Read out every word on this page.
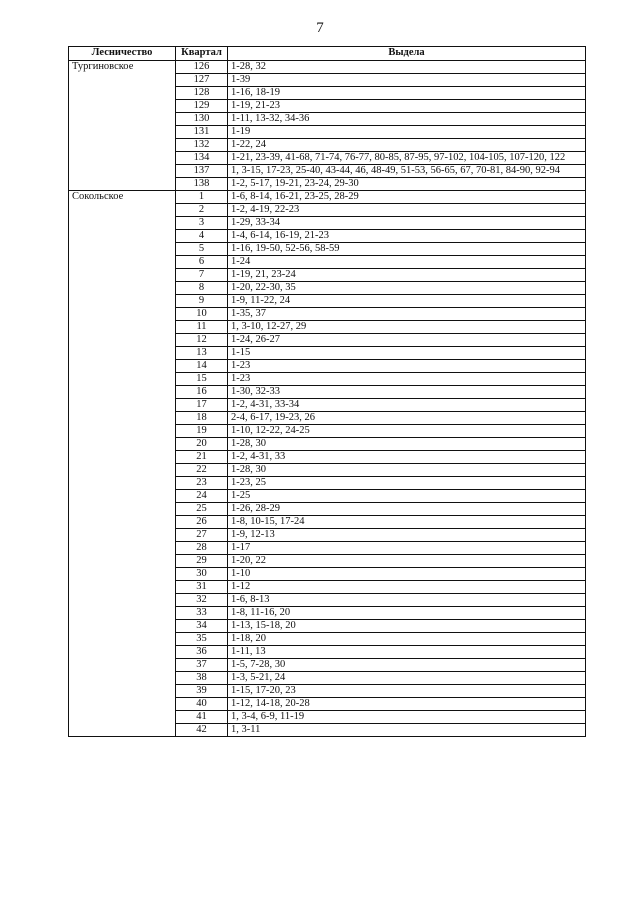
7
Лесничество	Квартал	Выдела
Тургиновское	126	1-28, 32
	127	1-39
	128	1-16, 18-19
	129	1-19, 21-23
	130	1-11, 13-32, 34-36
	131	1-19
	132	1-22, 24
	134	1-21, 23-39, 41-68, 71-74, 76-77, 80-85, 87-95, 97-102, 104-105, 107-120, 122
	137	1, 3-15, 17-23, 25-40, 43-44, 46, 48-49, 51-53, 56-65, 67, 70-81, 84-90, 92-94
	138	1-2, 5-17, 19-21, 23-24, 29-30
Сокольское	1	1-6, 8-14, 16-21, 23-25, 28-29
	2	1-2, 4-19, 22-23
	3	1-29, 33-34
	4	1-4, 6-14, 16-19, 21-23
	5	1-16, 19-50, 52-56, 58-59
	6	1-24
	7	1-19, 21, 23-24
	8	1-20, 22-30, 35
	9	1-9, 11-22, 24
	10	1-35, 37
	11	1, 3-10, 12-27, 29
	12	1-24, 26-27
	13	1-15
	14	1-23
	15	1-23
	16	1-30, 32-33
	17	1-2, 4-31, 33-34
	18	2-4, 6-17, 19-23, 26
	19	1-10, 12-22, 24-25
	20	1-28, 30
	21	1-2, 4-31, 33
	22	1-28, 30
	23	1-23, 25
	24	1-25
	25	1-26, 28-29
	26	1-8, 10-15, 17-24
	27	1-9, 12-13
	28	1-17
	29	1-20, 22
	30	1-10
	31	1-12
	32	1-6, 8-13
	33	1-8, 11-16, 20
	34	1-13, 15-18, 20
	35	1-18, 20
	36	1-11, 13
	37	1-5, 7-28, 30
	38	1-3, 5-21, 24
	39	1-15, 17-20, 23
	40	1-12, 14-18, 20-28
	41	1, 3-4, 6-9, 11-19
	42	1, 3-11
